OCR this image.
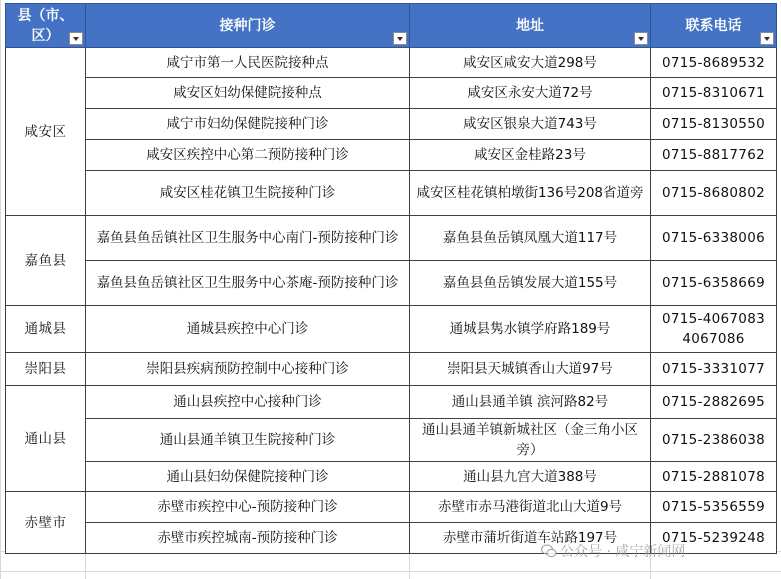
县（市、区）	接种门诊	地址	联系电话

咸安区	咸宁市第一人民医院接种点	咸安区咸安大道298号	0715-8689532
	咸安区妇幼保健院接种点	咸安区永安大道72号	0715-8310671
	咸宁市妇幼保健院接种门诊	咸安区银泉大道743号	0715-8130550
	咸安区疾控中心第二预防接种门诊	咸安区金桂路23号	0715-8817762
	咸安区桂花镇卫生院接种门诊	咸安区桂花镇柏墩街136号208省道旁	0715-8680802
嘉鱼县	嘉鱼县鱼岳镇社区卫生服务中心南门-预防接种门诊	嘉鱼县鱼岳镇凤凰大道117号	0715-6338006
	嘉鱼县鱼岳镇社区卫生服务中心茶庵-预防接种门诊	嘉鱼县鱼岳镇发展大道155号	0715-6358669
通城县	通城县疾控中心门诊	通城县隽水镇学府路189号	0715-4067083 4067086
崇阳县	崇阳县疾病预防控制中心接种门诊	崇阳县天城镇香山大道97号	0715-3331077
通山县	通山县疾控中心接种门诊	通山县通羊镇 滨河路82号	0715-2882695
	通山县通羊镇卫生院接种门诊	通山县通羊镇新城社区（金三角小区旁）	0715-2386038
	通山县妇幼保健院接种门诊	通山县九宫大道388号	0715-2881078
赤壁市	赤壁市疾控中心-预防接种门诊	赤壁市赤马港街道北山大道9号	0715-5356559
	赤壁市疾控城南-预防接种门诊	赤壁市蒲圻街道车站路197号	0715-5239248
公众号 · 咸宁新闻网
